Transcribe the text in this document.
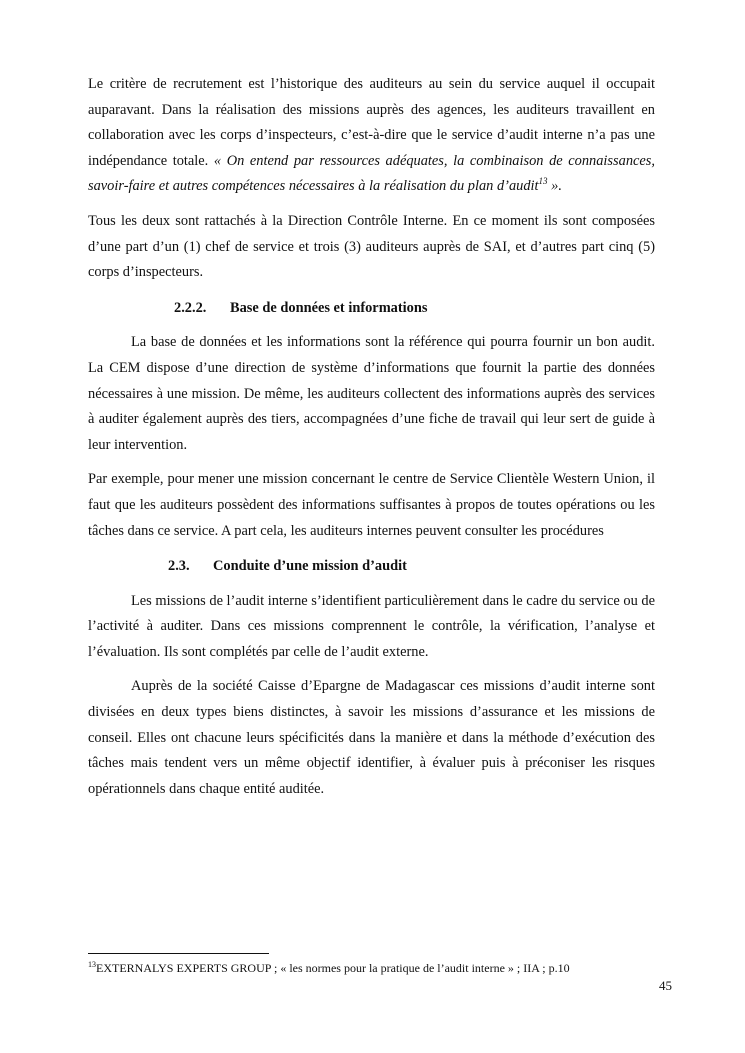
Le critère de recrutement est l’historique des auditeurs au sein du service auquel il occupait auparavant. Dans la réalisation des missions auprès des agences, les auditeurs travaillent en collaboration avec les corps d’inspecteurs, c’est-à-dire que le service d’audit interne n’a pas une indépendance totale. « On entend par ressources adéquates, la combinaison de connaissances, savoir-faire et autres compétences nécessaires à la réalisation du plan d’audit$^{13}$ ».

Tous les deux sont rattachés à la Direction Contrôle Interne. En ce moment ils sont composées d’une part d’un (1) chef de service et trois (3) auditeurs auprès de SAI, et d’autres part cinq (5) corps d’inspecteurs.

2.2.2. Base de données et informations

La base de données et les informations sont la référence qui pourra fournir un bon audit. La CEM dispose d’une direction de système d’informations que fournit la partie des données nécessaires à une mission. De même, les auditeurs collectent des informations auprès des services à auditer également auprès des tiers, accompagnées d’une fiche de travail qui leur sert de guide à leur intervention.

Par exemple, pour mener une mission concernant le centre de Service Clientèle Western Union, il faut que les auditeurs possèdent des informations suffisantes à propos de toutes opérations ou les tâches dans ce service. A part cela, les auditeurs internes peuvent consulter les procédures

2.3. Conduite d’une mission d’audit

Les missions de l’audit interne s’identifient particulièrement dans le cadre du service ou de l’activité à auditer. Dans ces missions comprennent le contrôle, la vérification, l’analyse et l’évaluation. Ils sont complétés par celle de l’audit externe.

Auprès de la société Caisse d’Epargne de Madagascar ces missions d’audit interne sont divisées en deux types biens distinctes, à savoir les missions d’assurance et les missions de conseil. Elles ont chacune leurs spécificités dans la manière et dans la méthode d’exécution des tâches mais tendent vers un même objectif identifier, à évaluer puis à préconiser les risques opérationnels dans chaque entité auditée.

$^{13}$EXTERNALYS EXPERTS GROUP ; « les normes pour la pratique de l’audit interne » ; IIA ; p.10
45
